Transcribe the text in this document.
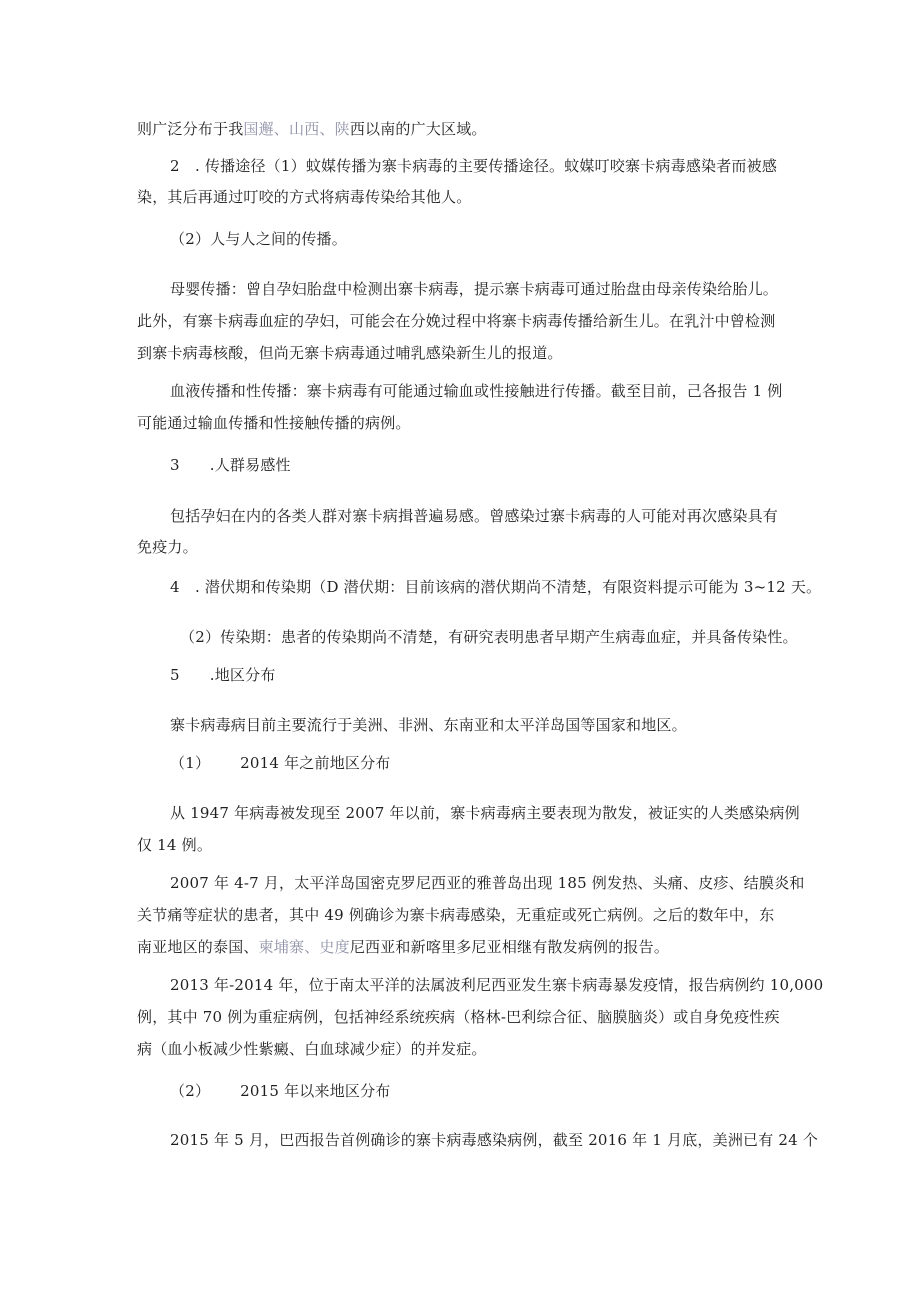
则广泛分布于我国邂、山西、陕西以南的广大区域。
2　. 传播途径（1）蚊媒传播为寨卡病毒的主要传播途径。蚊媒叮咬寨卡病毒感染者而被感
染，其后再通过叮咬的方式将病毒传染给其他人。
（2）人与人之间的传播。
母婴传播：曾自孕妇胎盘中检测出寨卡病毒，提示寨卡病毒可通过胎盘由母亲传染给胎儿。
此外，有寨卡病毒血症的孕妇，可能会在分娩过程中将寨卡病毒传播给新生儿。在乳汁中曾检测
到寨卡病毒核酸，但尚无寨卡病毒通过哺乳感染新生儿的报道。
血液传播和性传播：寨卡病毒有可能通过输血或性接触进行传播。截至目前，己各报告 1 例
可能通过输血传播和性接触传播的病例。
3 .人群易感性
包括孕妇在内的各类人群对寨卡病揖普遍易感。曾感染过寨卡病毒的人可能对再次感染具有
免疫力。
4　. 潜伏期和传染期（D 潜伏期：目前该病的潜伏期尚不清楚，有限资料提示可能为 3~12 天。
（2）传染期：患者的传染期尚不清楚，有研究表明患者早期产生病毒血症，并具备传染性。
5 .地区分布
寨卡病毒病目前主要流行于美洲、非洲、东南亚和太平洋岛国等国家和地区。
（1） 2014 年之前地区分布
从 1947 年病毒被发现至 2007 年以前，寨卡病毒病主要表现为散发，被证实的人类感染病例
仅 14 例。
2007 年 4-7 月，太平洋岛国密克罗尼西亚的雅普岛出现 185 例发热、头痛、皮疹、结膜炎和
关节痛等症状的患者，其中 49 例确诊为寨卡病毒感染，无重症或死亡病例。之后的数年中，东
南亚地区的泰国、柬埔寨、史度尼西亚和新喀里多尼亚相继有散发病例的报告。
2013 年-2014 年，位于南太平洋的法属波利尼西亚发生寨卡病毒暴发疫情，报告病例约 10,000
例，其中 70 例为重症病例，包括神经系统疾病（格林-巴利综合征、脑膜脑炎）或自身免疫性疾
病（血小板减少性紫癜、白血球减少症）的并发症。
（2） 2015 年以来地区分布
2015 年 5 月，巴西报告首例确诊的寨卡病毒感染病例，截至 2016 年 1 月底，美洲已有 24 个
